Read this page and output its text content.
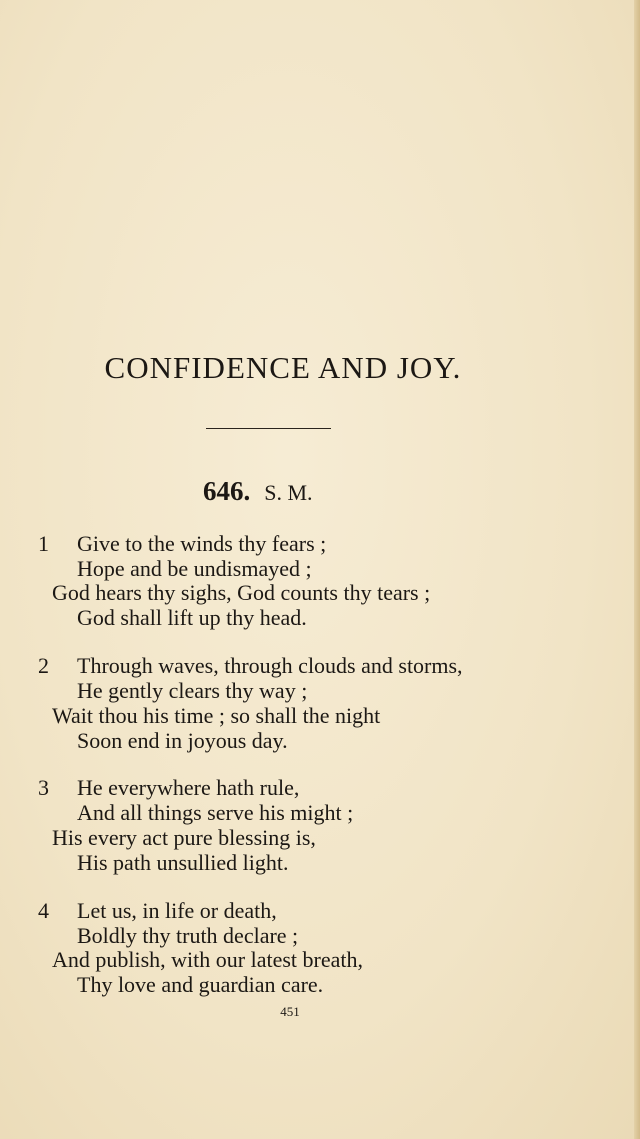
CONFIDENCE AND JOY.
646. S. M.
1 Give to the winds thy fears ;
Hope and be undismayed ;
God hears thy sighs, God counts thy tears ;
God shall lift up thy head.
2 Through waves, through clouds and storms,
He gently clears thy way ;
Wait thou his time ; so shall the night
Soon end in joyous day.
3 He everywhere hath rule,
And all things serve his might ;
His every act pure blessing is,
His path unsullied light.
4 Let us, in life or death,
Boldly thy truth declare ;
And publish, with our latest breath,
Thy love and guardian care.
451
